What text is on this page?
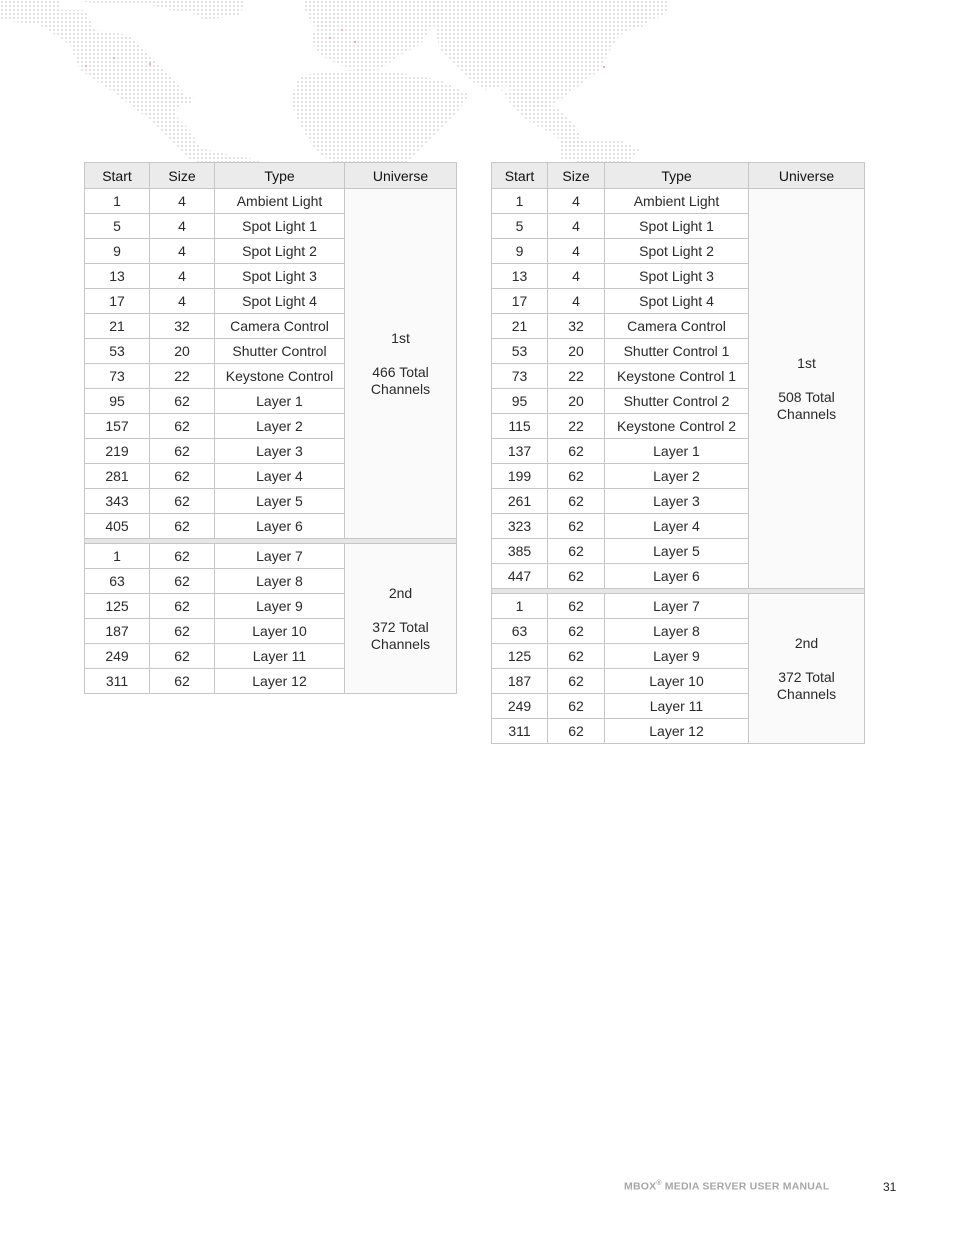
Start	Size	Type	Universe
1	4	Ambient Light	1st
466 Total
Channels

5	4	Spot Light 1	
9	4	Spot Light 2	
13	4	Spot Light 3	
17	4	Spot Light 4	
21	32	Camera Control	
53	20	Shutter Control	
73	22	Keystone Control	
95	62	Layer 1	
157	62	Layer 2	
219	62	Layer 3	
281	62	Layer 4	
343	62	Layer 5	
405	62	Layer 6	

1	62	Layer 7	2nd
372 Total
Channels

63	62	Layer 8	
125	62	Layer 9	
187	62	Layer 10	
249	62	Layer 11	
311	62	Layer 12	
Start	Size	Type	Universe
1	4	Ambient Light	1st
508 Total
Channels

5	4	Spot Light 1	
9	4	Spot Light 2	
13	4	Spot Light 3	
17	4	Spot Light 4	
21	32	Camera Control	
53	20	Shutter Control 1	
73	22	Keystone Control 1	
95	20	Shutter Control 2	
115	22	Keystone Control 2	
137	62	Layer 1	
199	62	Layer 2	
261	62	Layer 3	
323	62	Layer 4	
385	62	Layer 5	
447	62	Layer 6	

1	62	Layer 7	2nd
372 Total
Channels

63	62	Layer 8	
125	62	Layer 9	
187	62	Layer 10	
249	62	Layer 11	
311	62	Layer 12	
MBOX® MEDIA SERVER USER MANUAL	31
